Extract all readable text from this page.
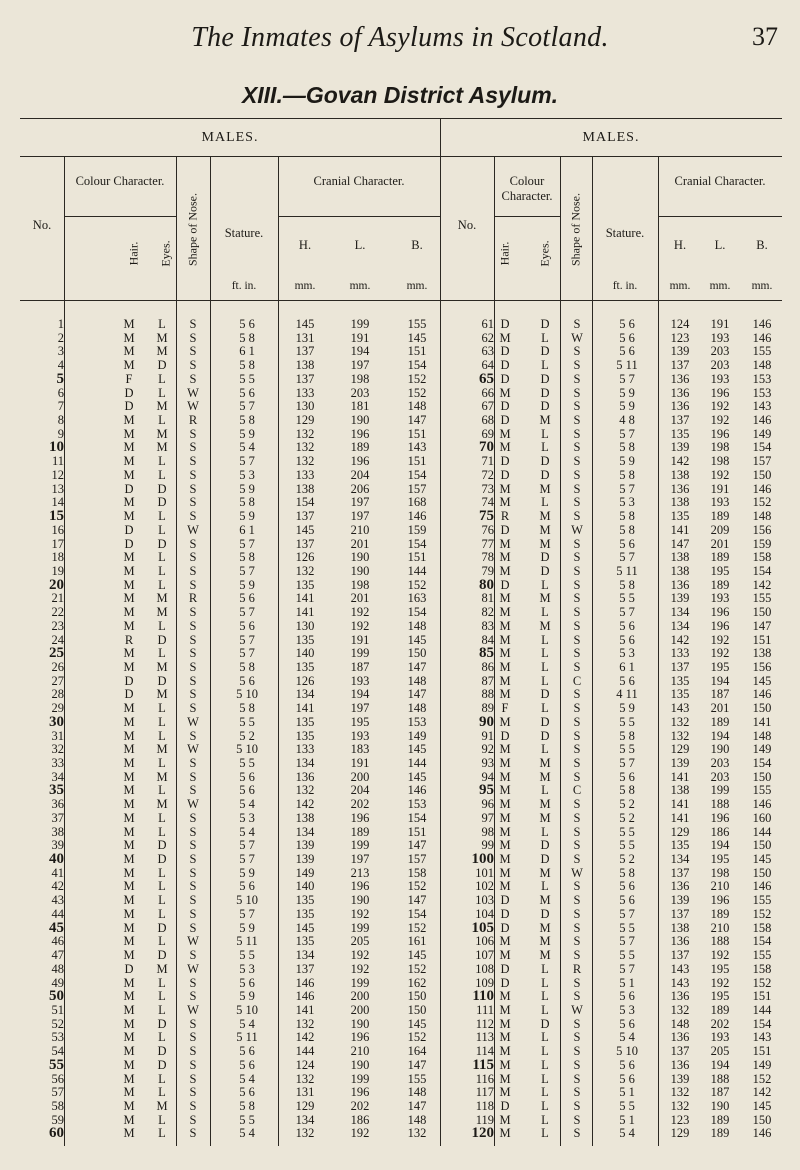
The Inmates of Asylums in Scotland.	37
XIII.—Govan District Asylum.
MALES.	MALES.
No.
Colour Character.
Hair. Eyes. Shape of Nose.	Stature.
Cranial Character.
H.	L.	B.
ft. in.	mm.	mm.	mm.
No.
Colour Character.
Hair. Eyes. Shape of Nose.	Stature.
Cranial Character.
H.	L.	B.
ft. in.	mm.	mm.	mm.
1	M	L	S	5 6	145	199	155	61 D	D	S	5 6	124	191	146
2	M	M	S	5 8	131	191	145	62 M	L	W	5 6	123	193	146
3	M	M	S	6 1	137	194	151	63 D	D	S	5 6	139	203	155
4	M	D	S	5 8	138	197	154	64 D	L	S	5 11	137	203	148
5	F	L	S	5 5	137	198	152	65 D	D	S	5 7	136	193	153
6	D	L	W	5 6	133	203	152	66 M	D	S	5 9	136	196	153
7	D	M	W	5 7	130	181	148	67 D	D	S	5 9	136	192	143
8	M	L	R	5 8	129	190	147	68 D	M	S	4 8	137	192	146
9	M	M	S	5 9	132	196	151	69 M	L	S	5 7	135	196	149
10	M	M	S	5 4	132	189	143	70 M	L	S	5 8	139	198	154
11	M	L	S	5 7	132	196	151	71 D	D	S	5 9	142	198	157
12	M	L	S	5 3	133	204	154	72 D	D	S	5 8	138	192	150
13	D	D	S	5 9	138	206	157	73 M	M	S	5 7	136	191	146
14	M	D	S	5 8	154	197	168	74 M	L	S	5 3	138	193	152
15	M	L	S	5 9	137	197	146	75 R	M	S	5 8	135	189	148
16	D	L	W	6 1	145	210	159	76 D	M	W	5 8	141	209	156
17	D	D	S	5 7	137	201	154	77 M	M	S	5 6	147	201	159
18	M	L	S	5 8	126	190	151	78 M	D	S	5 7	138	189	158
19	M	L	S	5 7	132	190	144	79 M	D	S	5 11	138	195	154
20	M	L	S	5 9	135	198	152	80 D	L	S	5 8	136	189	142
21	M	M	R	5 6	141	201	163	81 M	M	S	5 5	139	193	155
22	M	M	S	5 7	141	192	154	82 M	L	S	5 7	134	196	150
23	M	L	S	5 6	130	192	148	83 M	M	S	5 6	134	196	147
24	R	D	S	5 7	135	191	145	84 M	L	S	5 6	142	192	151
25	M	L	S	5 7	140	199	150	85 M	L	S	5 3	133	192	138
26	M	M	S	5 8	135	187	147	86 M	L	S	6 1	137	195	156
27	D	D	S	5 6	126	193	148	87 M	L	C	5 6	135	194	145
28	D	M	S	5 10	134	194	147	88 M	D	S	4 11	135	187	146
29	M	L	S	5 8	141	197	148	89 F	L	S	5 9	143	201	150
30	M	L	W	5 5	135	195	153	90 M	D	S	5 5	132	189	141
31	M	L	S	5 2	135	193	149	91 D	D	S	5 8	132	194	148
32	M	M	W	5 10	133	183	145	92 M	L	S	5 5	129	190	149
33	M	L	S	5 5	134	191	144	93 M	M	S	5 7	139	203	154
34	M	M	S	5 6	136	200	145	94 M	M	S	5 6	141	203	150
35	M	L	S	5 6	132	204	146	95 M	L	C	5 8	138	199	155
36	M	M	W	5 4	142	202	153	96 M	M	S	5 2	141	188	146
37	M	L	S	5 3	138	196	154	97 M	M	S	5 2	141	196	160
38	M	L	S	5 4	134	189	151	98 M	L	S	5 5	129	186	144
39	M	D	S	5 7	139	199	147	99 M	D	S	5 5	135	194	150
40	M	D	S	5 7	139	197	157	100 M	D	S	5 2	134	195	145
41	M	L	S	5 9	149	213	158	101 M	M	W	5 8	137	198	150
42	M	L	S	5 6	140	196	152	102 M	L	S	5 6	136	210	146
43	M	L	S	5 10	135	190	147	103 D	M	S	5 6	139	196	155
44	M	L	S	5 7	135	192	154	104 D	D	S	5 7	137	189	152
45	M	D	S	5 9	145	199	152	105 D	M	S	5 5	138	210	158
46	M	L	W	5 11	135	205	161	106 M	M	S	5 7	136	188	154
47	M	D	S	5 5	134	192	145	107 M	M	S	5 5	137	192	155
48	D	M	W	5 3	137	192	152	108 D	L	R	5 7	143	195	158
49	M	L	S	5 6	146	199	162	109 D	L	S	5 1	143	192	152
50	M	L	S	5 9	146	200	150	110 M	L	S	5 6	136	195	151
51	M	L	W	5 10	141	200	150	111 M	L	W	5 3	132	189	144
52	M	D	S	5 4	132	190	145	112 M	D	S	5 6	148	202	154
53	M	L	S	5 11	142	196	152	113 M	L	S	5 4	136	193	143
54	M	D	S	5 6	144	210	164	114 M	L	S	5 10	137	205	151
55	M	D	S	5 6	124	190	147	115 M	L	S	5 6	136	194	149
56	M	L	S	5 4	132	199	155	116 M	L	S	5 6	139	188	152
57	M	L	S	5 6	131	196	148	117 M	L	S	5 1	132	187	142
58	M	M	S	5 8	129	202	147	118 D	L	S	5 5	132	190	145
59	M	L	S	5 5	134	186	148	119 M	L	S	5 1	123	189	150
60	M	L	S	5 4	132	192	132	120 M	L	S	5 4	129	189	146
